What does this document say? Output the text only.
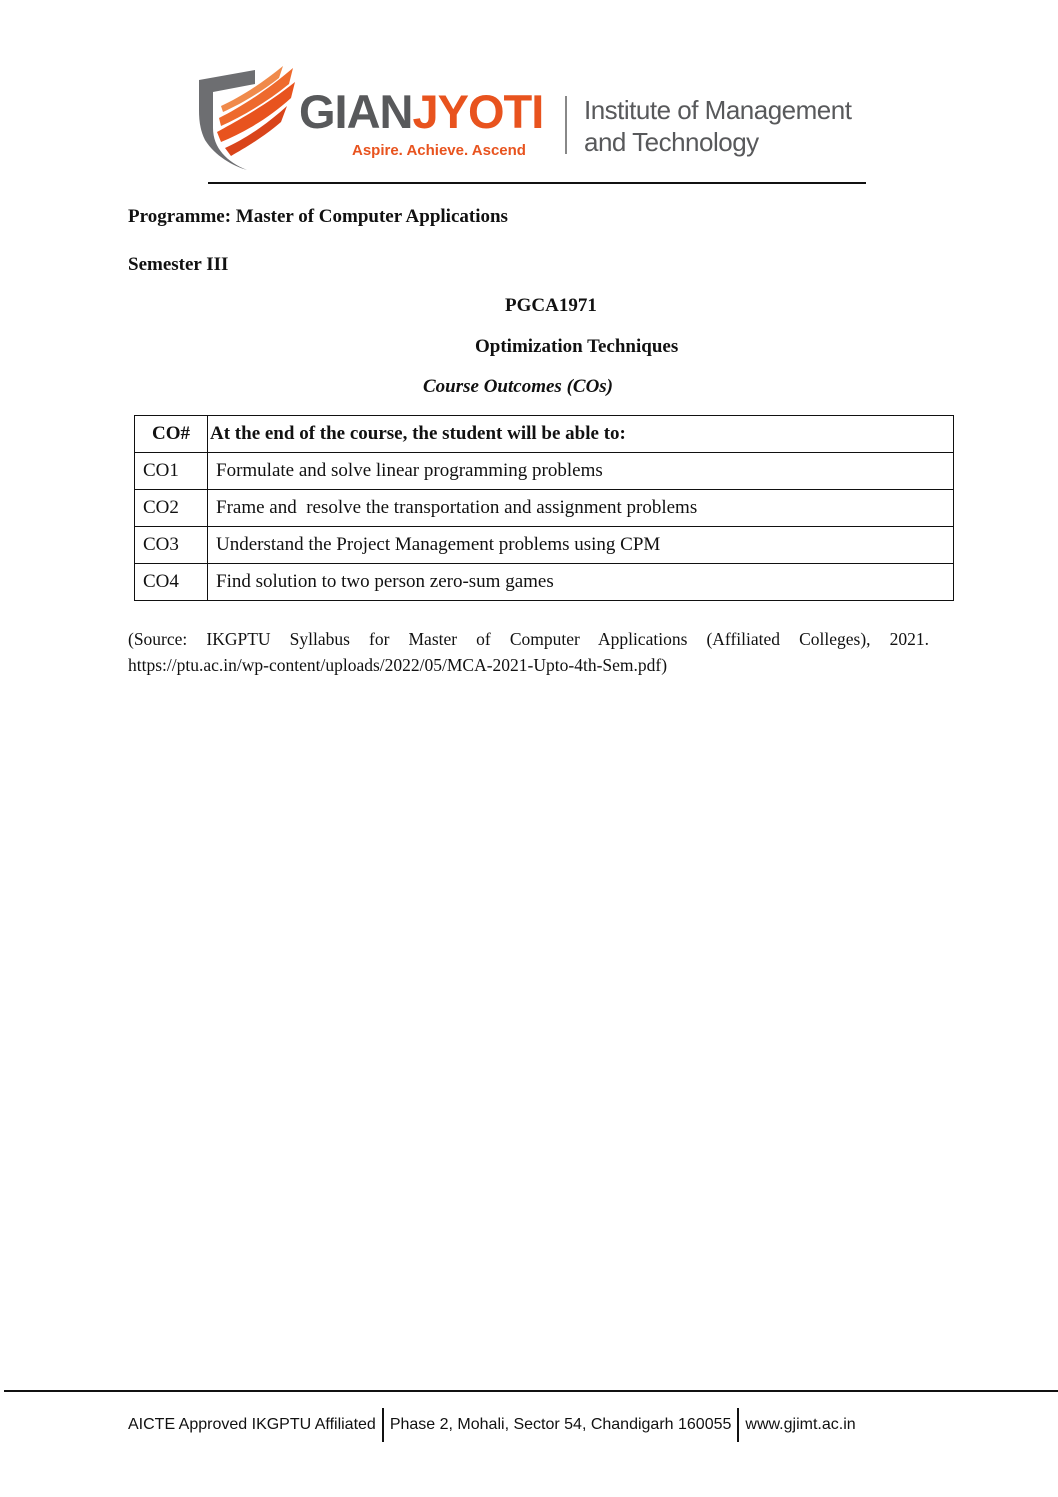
GIANJYOTI
Aspire. Achieve. Ascend
Institute of Management
and Technology
Programme: Master of Computer Applications
Semester III
PGCA1971
Optimization Techniques
Course Outcomes (COs)
CO#	At the end of the course, the student will be able to:
CO1	Formulate and solve linear programming problems
CO2	Frame and  resolve the transportation and assignment problems
CO3	Understand the Project Management problems using CPM
CO4	Find solution to two person zero-sum games
(Source: IKGPTU Syllabus for Master of Computer Applications (Affiliated Colleges), 2021.
https://ptu.ac.in/wp-content/uploads/2022/05/MCA-2021-Upto-4th-Sem.pdf)
AICTE Approved IKGPTU Affiliated Phase 2, Mohali, Sector 54, Chandigarh 160055 www.gjimt.ac.in
